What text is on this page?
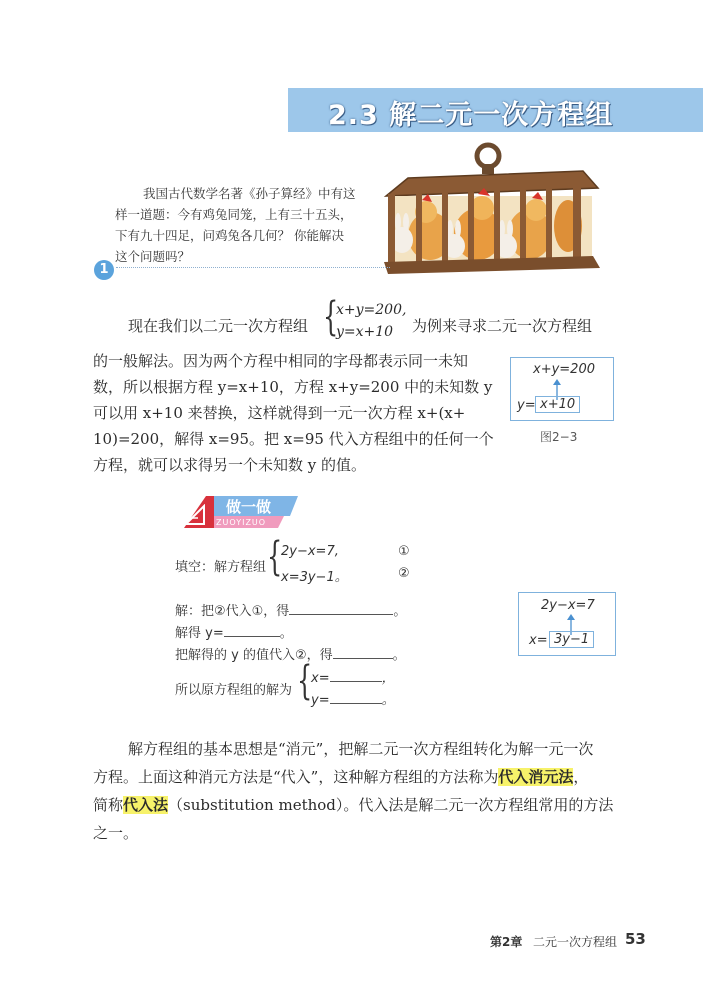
2.3 解二元一次方程组
我国古代数学名著《孙子算经》中有这
样一道题：今有鸡兔同笼，上有三十五头，
下有九十四足，问鸡兔各几何？ 你能解决
这个问题吗？
1
现在我们以二元一次方程组 {
x+y=200,
y=x+10 为例来寻求二元一次方程组
的一般解法。因为两个方程中相同的字母都表示同一未知
数，所以根据方程 y=x+10，方程 x+y=200 中的未知数 y
可以用 x+10 来替换，这样就得到一元一次方程 x+(x+
10)=200，解得 x=95。把 x=95 代入方程组中的任何一个
方程，就可以求得另一个未知数 y 的值。
x+y=200
y= x+10
图2−3
做一做
ZUOYIZUO
填空：解方程组 {
2y−x=7,
x=3y−1。
①
②
解：把②代入①，得	。
解得 y=	。
把解得的 y 的值代入②，得	。
所以原方程组的解为 {
x=	，
y=	。
2y−x=7
x= 3y−1
解方程组的基本思想是“消元”，把解二元一次方程组转化为解一元一次
方程。上面这种消元方法是“代入”，这种解方程组的方法称为代入消元法，
简称代入法（substitution method）。代入法是解二元一次方程组常用的方法
之一。
第2章 二元一次方程组 53
